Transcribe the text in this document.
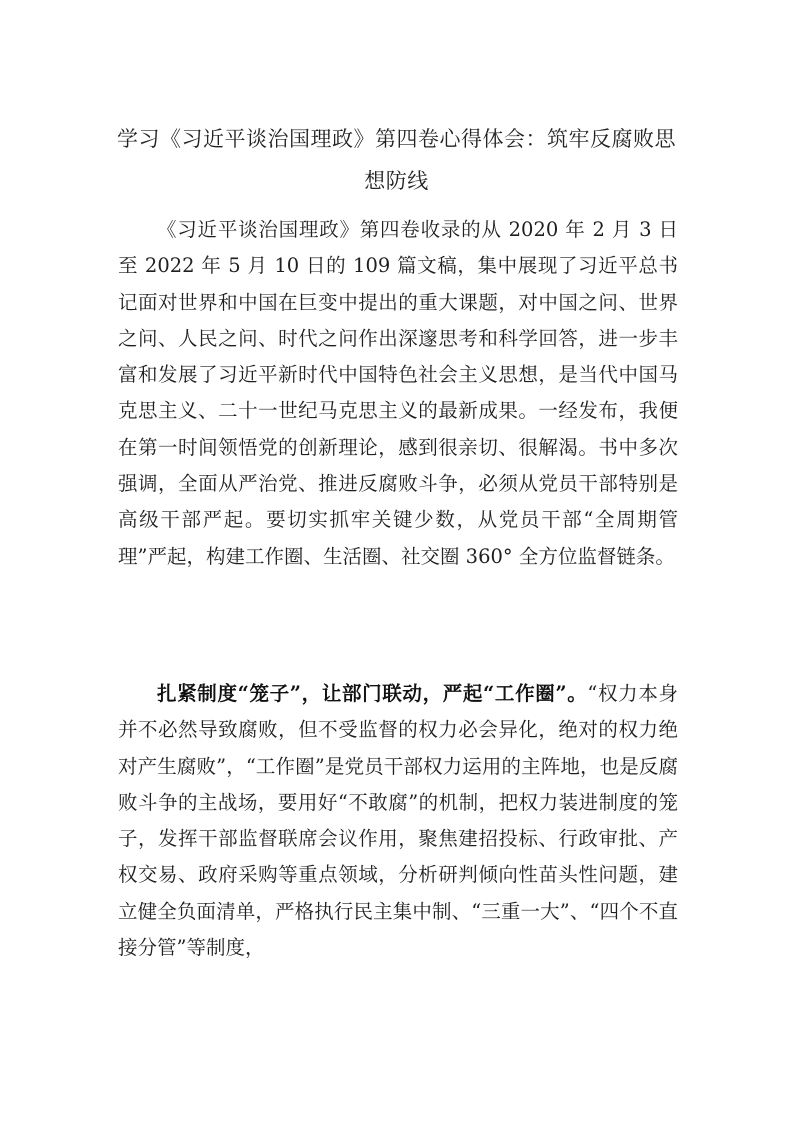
学习《习近平谈治国理政》第四卷心得体会：筑牢反腐败思想防线

《习近平谈治国理政》第四卷收录的从 2020 年 2 月 3 日至 2022 年 5 月 10 日的 109 篇文稿，集中展现了习近平总书记面对世界和中国在巨变中提出的重大课题，对中国之问、世界之问、人民之问、时代之问作出深邃思考和科学回答，进一步丰富和发展了习近平新时代中国特色社会主义思想，是当代中国马克思主义、二十一世纪马克思主义的最新成果。一经发布，我便在第一时间领悟党的创新理论，感到很亲切、很解渴。书中多次强调，全面从严治党、推进反腐败斗争，必须从党员干部特别是高级干部严起。要切实抓牢关键少数，从党员干部“全周期管理”严起，构建工作圈、生活圈、社交圈 360° 全方位监督链条。

扎紧制度“笼子”，让部门联动，严起“工作圈”。“权力本身并不必然导致腐败，但不受监督的权力必会异化，绝对的权力绝对产生腐败”，“工作圈”是党员干部权力运用的主阵地，也是反腐败斗争的主战场，要用好“不敢腐”的机制，把权力装进制度的笼子，发挥干部监督联席会议作用，聚焦建招投标、行政审批、产权交易、政府采购等重点领域，分析研判倾向性苗头性问题，建立健全负面清单，严格执行民主集中制、“三重一大”、“四个不直接分管”等制度，
